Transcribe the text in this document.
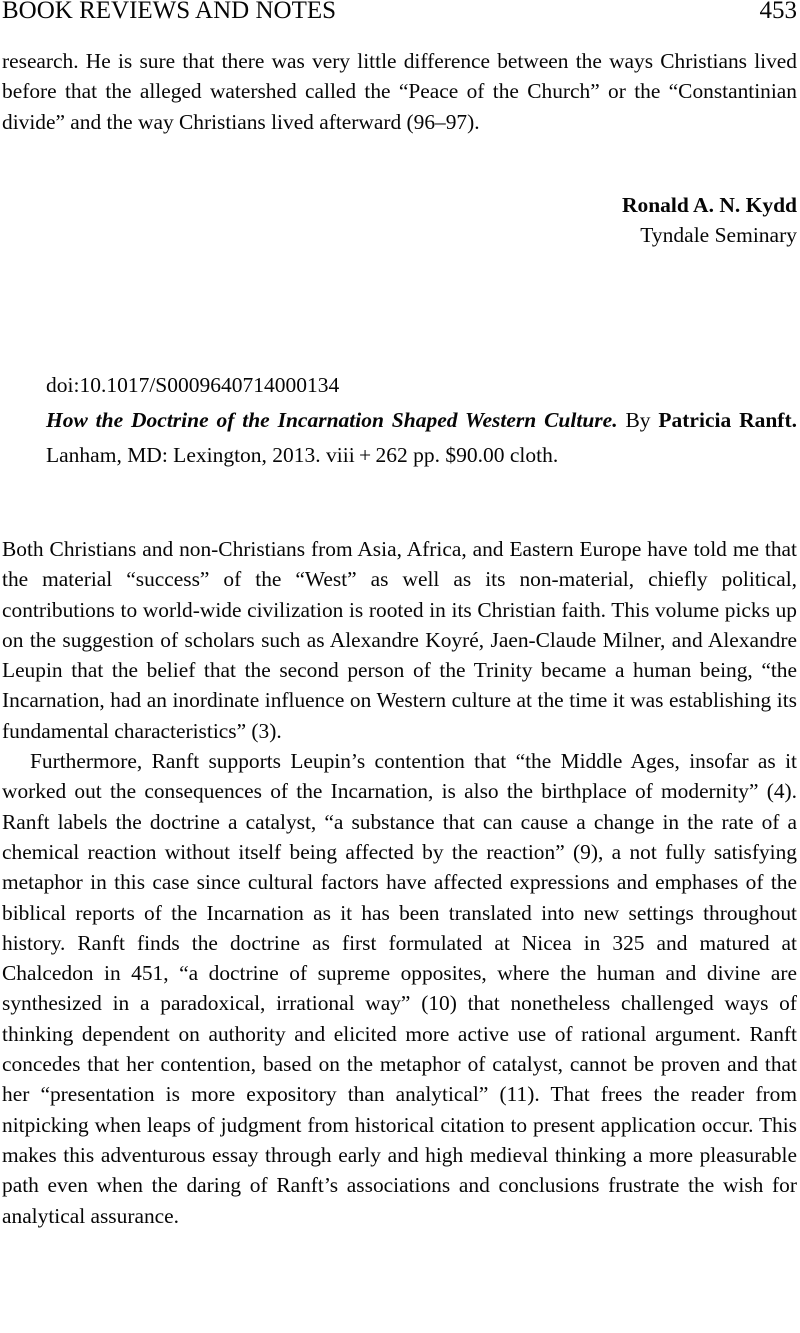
BOOK REVIEWS AND NOTES	453
research. He is sure that there was very little difference between the ways Christians lived before that the alleged watershed called the “Peace of the Church” or the “Constantinian divide” and the way Christians lived afterward (96–97).
Ronald A. N. Kydd
Tyndale Seminary
doi:10.1017/S0009640714000134

How the Doctrine of the Incarnation Shaped Western Culture. By Patricia Ranft. Lanham, MD: Lexington, 2013. viii + 262 pp. $90.00 cloth.

Both Christians and non-Christians from Asia, Africa, and Eastern Europe have told me that the material “success” of the “West” as well as its non-material, chiefly political, contributions to world-wide civilization is rooted in its Christian faith. This volume picks up on the suggestion of scholars such as Alexandre Koyré, Jaen-Claude Milner, and Alexandre Leupin that the belief that the second person of the Trinity became a human being, “the Incarnation, had an inordinate influence on Western culture at the time it was establishing its fundamental characteristics” (3).

Furthermore, Ranft supports Leupin’s contention that “the Middle Ages, insofar as it worked out the consequences of the Incarnation, is also the birthplace of modernity” (4). Ranft labels the doctrine a catalyst, “a substance that can cause a change in the rate of a chemical reaction without itself being affected by the reaction” (9), a not fully satisfying metaphor in this case since cultural factors have affected expressions and emphases of the biblical reports of the Incarnation as it has been translated into new settings throughout history. Ranft finds the doctrine as first formulated at Nicea in 325 and matured at Chalcedon in 451, “a doctrine of supreme opposites, where the human and divine are synthesized in a paradoxical, irrational way” (10) that nonetheless challenged ways of thinking dependent on authority and elicited more active use of rational argument. Ranft concedes that her contention, based on the metaphor of catalyst, cannot be proven and that her “presentation is more expository than analytical” (11). That frees the reader from nitpicking when leaps of judgment from historical citation to present application occur. This makes this adventurous essay through early and high medieval thinking a more pleasurable path even when the daring of Ranft’s associations and conclusions frustrate the wish for analytical assurance.
